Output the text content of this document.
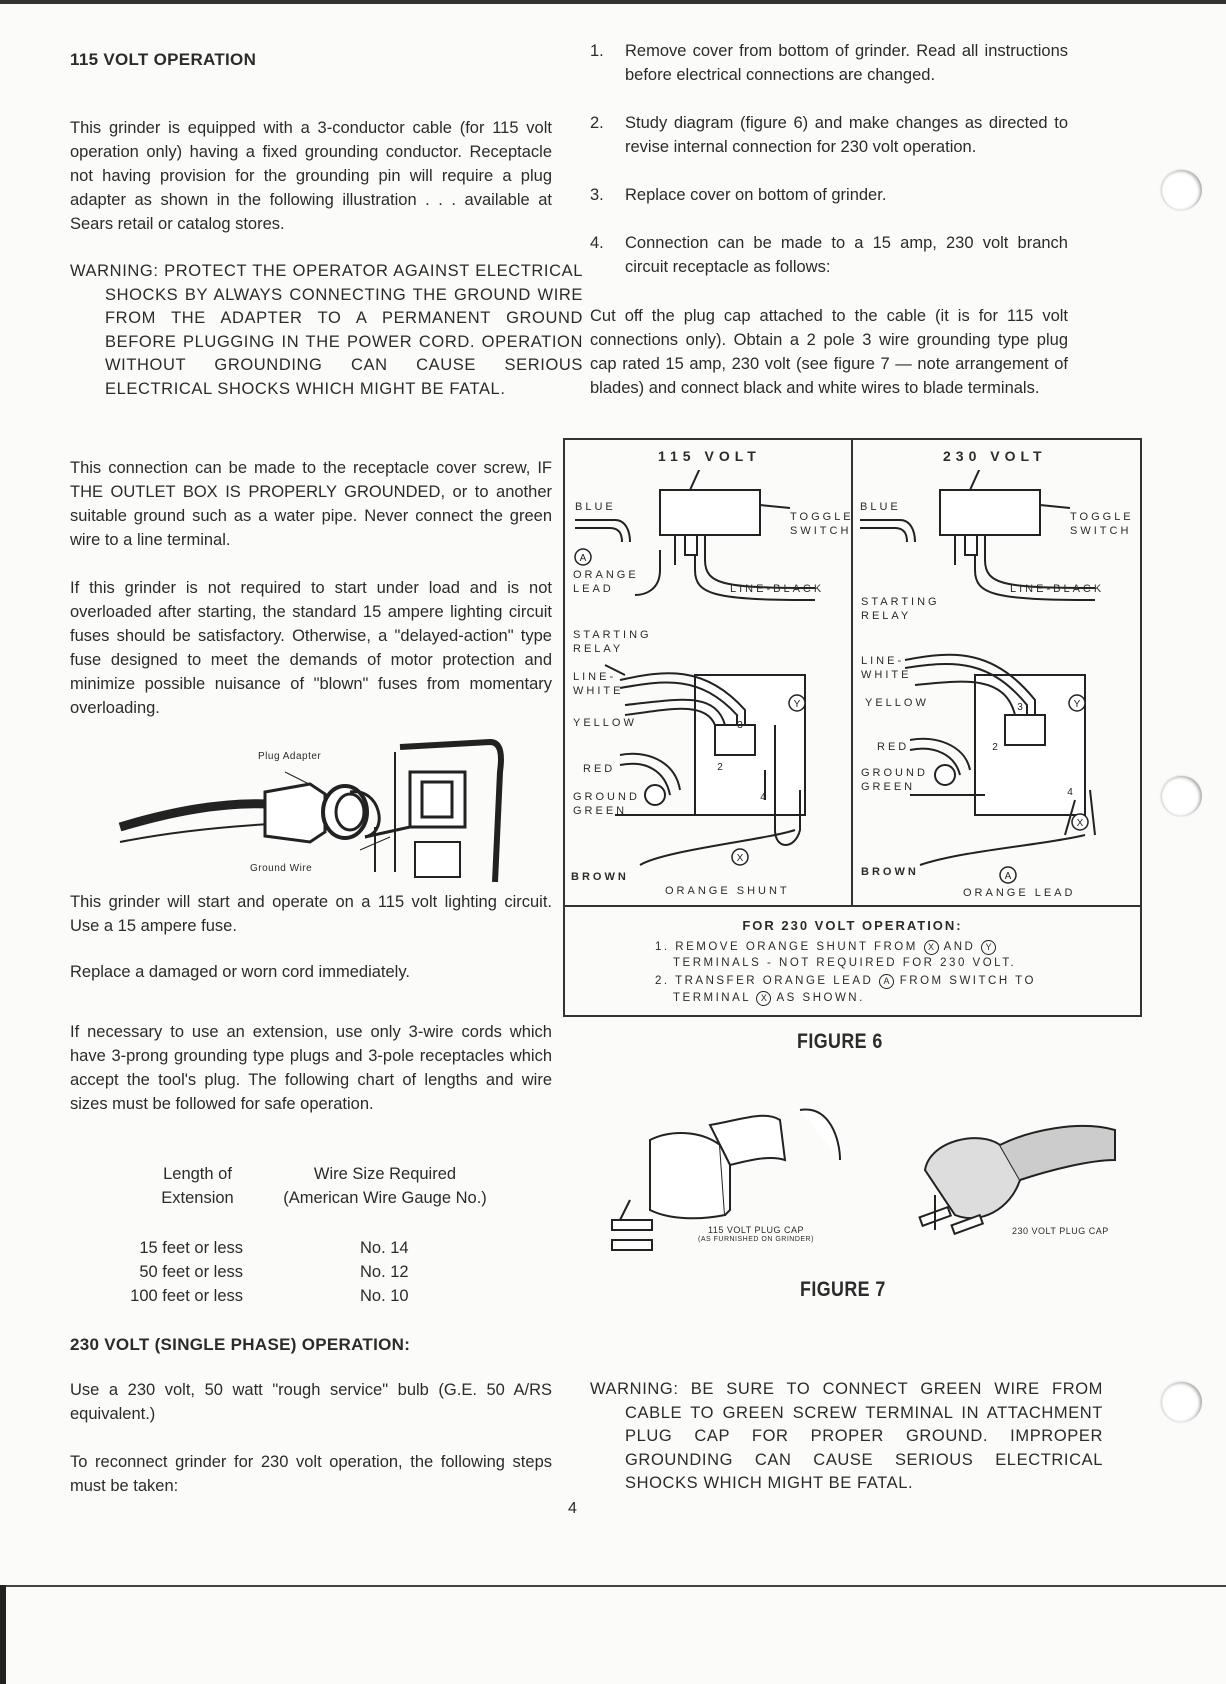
115 VOLT OPERATION
This grinder is equipped with a 3-conductor cable (for 115 volt operation only) having a fixed grounding conductor. Receptacle not having provision for the grounding pin will require a plug adapter as shown in the following illustration . . . available at Sears retail or catalog stores.
WARNING: PROTECT THE OPERATOR AGAINST ELECTRICAL SHOCKS BY ALWAYS CONNECTING THE GROUND WIRE FROM THE ADAPTER TO A PERMANENT GROUND BEFORE PLUGGING IN THE POWER CORD. OPERATION WITHOUT GROUNDING CAN CAUSE SERIOUS ELECTRICAL SHOCKS WHICH MIGHT BE FATAL.
This connection can be made to the receptacle cover screw, IF THE OUTLET BOX IS PROPERLY GROUNDED, or to another suitable ground such as a water pipe. Never connect the green wire to a line terminal.
If this grinder is not required to start under load and is not overloaded after starting, the standard 15 ampere lighting circuit fuses should be satisfactory. Otherwise, a "delayed-action" type fuse designed to meet the demands of motor protection and minimize possible nuisance of "blown" fuses from momentary overloading.
Plug Adapter
Ground Wire
This grinder will start and operate on a 115 volt lighting circuit. Use a 15 ampere fuse.
Replace a damaged or worn cord immediately.
If necessary to use an extension, use only 3-wire cords which have 3-prong grounding type plugs and 3-pole receptacles which accept the tool's plug. The following chart of lengths and wire sizes must be followed for safe operation.
Length of
Extension
Wire Size Required
(American Wire Gauge No.)
15 feet or less
50 feet or less
100 feet or less
No. 14
No. 12
No. 10
230 VOLT (SINGLE PHASE) OPERATION:
Use a 230 volt, 50 watt "rough service" bulb (G.E. 50 A/RS equivalent.)
To reconnect grinder for 230 volt operation, the following steps must be taken:
1. Remove cover from bottom of grinder. Read all instructions before electrical connections are changed.
2. Study diagram (figure 6) and make changes as directed to revise internal connection for 230 volt operation.
3. Replace cover on bottom of grinder.
4. Connection can be made to a 15 amp, 230 volt branch circuit receptacle as follows:
Cut off the plug cap attached to the cable (it is for 115 volt connections only). Obtain a 2 pole 3 wire grounding type plug cap rated 15 amp, 230 volt (see figure 7 — note arrangement of blades) and connect black and white wires to blade terminals.
115 VOLT	230 VOLT
A
Y
X
Y
X
A
2
3
4
2
3
4
BLUE
TOGGLE
SWITCH
ORANGE
LEAD	LINE-BLACK
STARTING
RELAY
LINE-
WHITE
YELLOW
RED
GROUND
GREEN
BROWN
ORANGE SHUNT
BLUE
TOGGLE
SWITCH
LINE-BLACK
STARTING
RELAY
LINE-
WHITE
YELLOW
RED
GROUND
GREEN
BROWN
ORANGE LEAD
FOR 230 VOLT OPERATION:
1. REMOVE ORANGE SHUNT FROM X AND Y
TERMINALS - NOT REQUIRED FOR 230 VOLT.
2. TRANSFER ORANGE LEAD A FROM SWITCH TO
TERMINAL X AS SHOWN.
FIGURE 6
115 VOLT PLUG CAP
(AS FURNISHED ON GRINDER)
230 VOLT PLUG CAP
FIGURE 7
WARNING: BE SURE TO CONNECT GREEN WIRE FROM CABLE TO GREEN SCREW TERMINAL IN ATTACHMENT PLUG CAP FOR PROPER GROUND. IMPROPER GROUNDING CAN CAUSE SERIOUS ELECTRICAL SHOCKS WHICH MIGHT BE FATAL.
4
